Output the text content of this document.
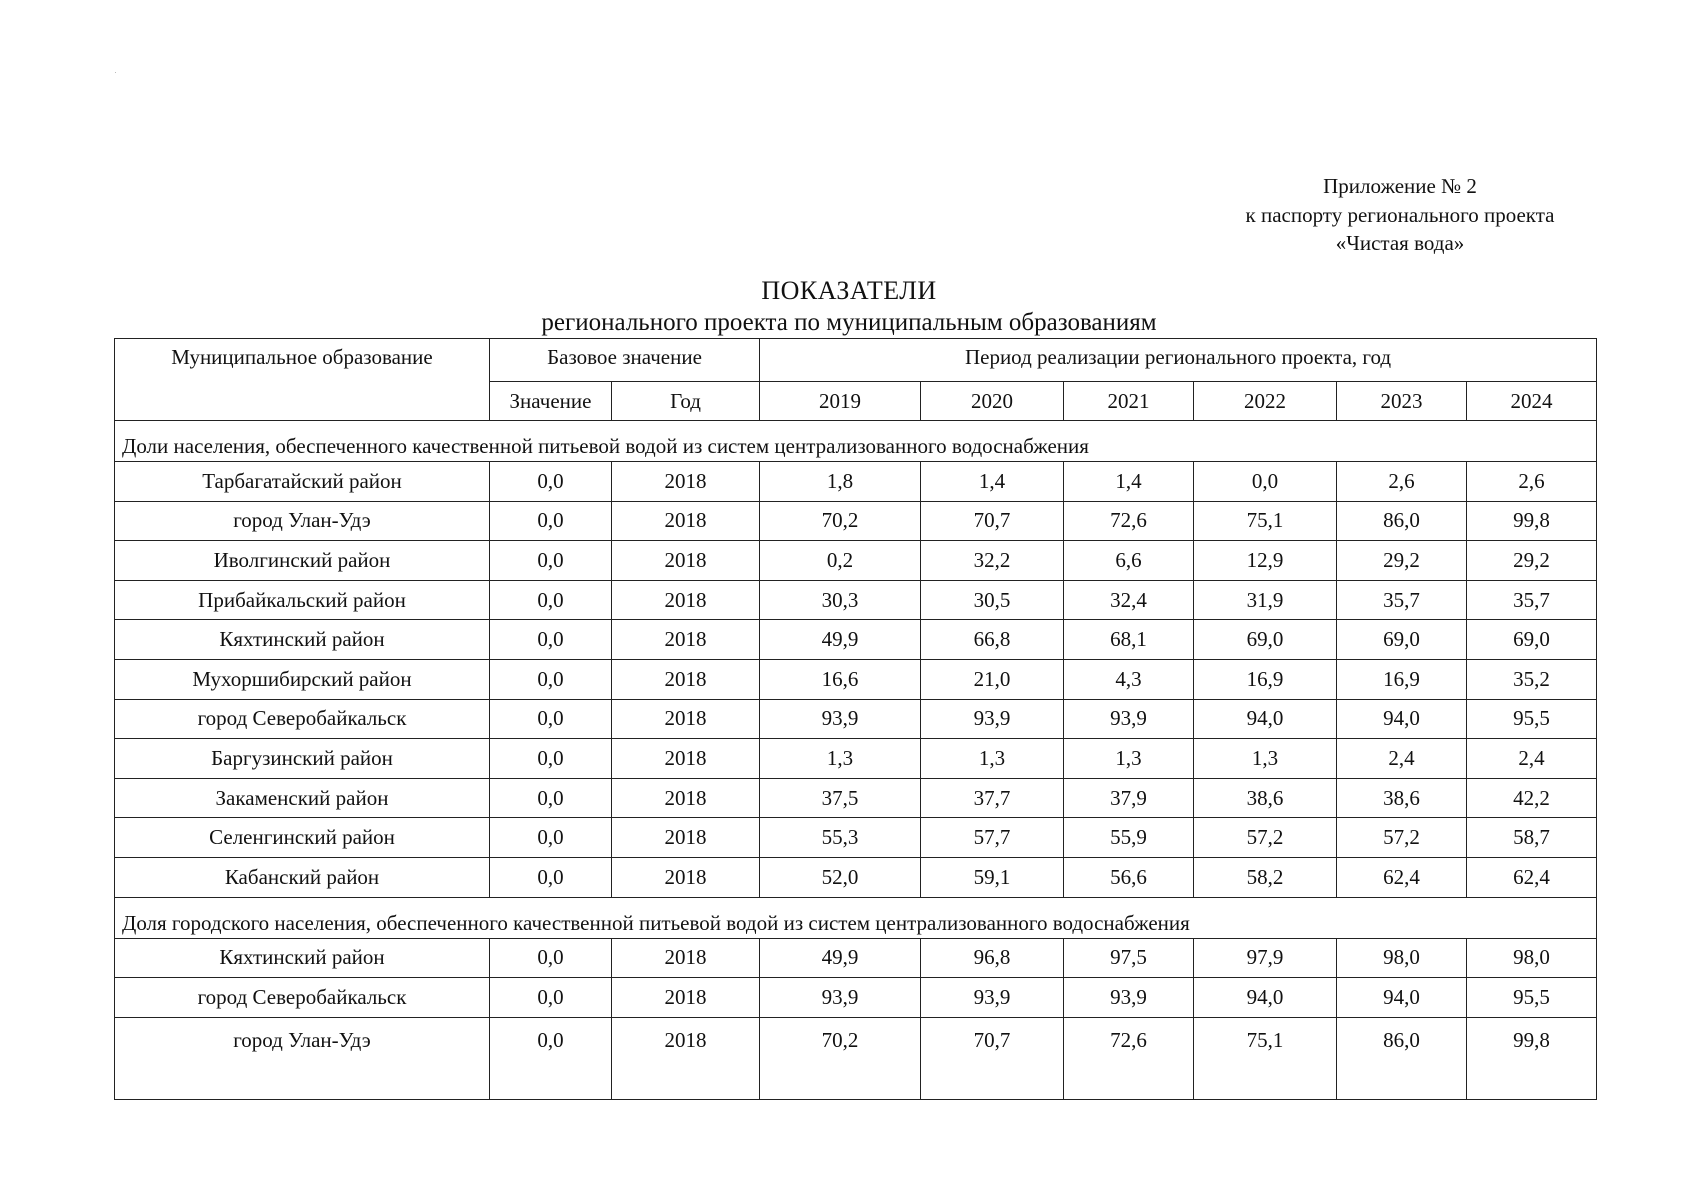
Приложение № 2
к паспорту регионального проекта
«Чистая вода»
ПОКАЗАТЕЛИ
регионального проекта по муниципальным образованиям
Муниципальное образование	Базовое значение		Период реализации регионального проекта, год					
	Значение	Год	2019	2020	2021	2022	2023	2024
Доли населения, обеспеченного качественной питьевой водой из систем централизованного водоснабжения								
Тарбагатайский район	0,0	2018	1,8	1,4	1,4	0,0	2,6	2,6
город Улан-Удэ	0,0	2018	70,2	70,7	72,6	75,1	86,0	99,8
Иволгинский район	0,0	2018	0,2	32,2	6,6	12,9	29,2	29,2
Прибайкальский район	0,0	2018	30,3	30,5	32,4	31,9	35,7	35,7
Кяхтинский район	0,0	2018	49,9	66,8	68,1	69,0	69,0	69,0
Мухоршибирский район	0,0	2018	16,6	21,0	4,3	16,9	16,9	35,2
город Северобайкальск	0,0	2018	93,9	93,9	93,9	94,0	94,0	95,5
Баргузинский район	0,0	2018	1,3	1,3	1,3	1,3	2,4	2,4
Закаменский район	0,0	2018	37,5	37,7	37,9	38,6	38,6	42,2
Селенгинский район	0,0	2018	55,3	57,7	55,9	57,2	57,2	58,7
Кабанский район	0,0	2018	52,0	59,1	56,6	58,2	62,4	62,4
Доля городского населения, обеспеченного качественной питьевой водой из систем централизованного водоснабжения								
Кяхтинский район	0,0	2018	49,9	96,8	97,5	97,9	98,0	98,0
город Северобайкальск	0,0	2018	93,9	93,9	93,9	94,0	94,0	95,5
город Улан-Удэ	0,0	2018	70,2	70,7	72,6	75,1	86,0	99,8
